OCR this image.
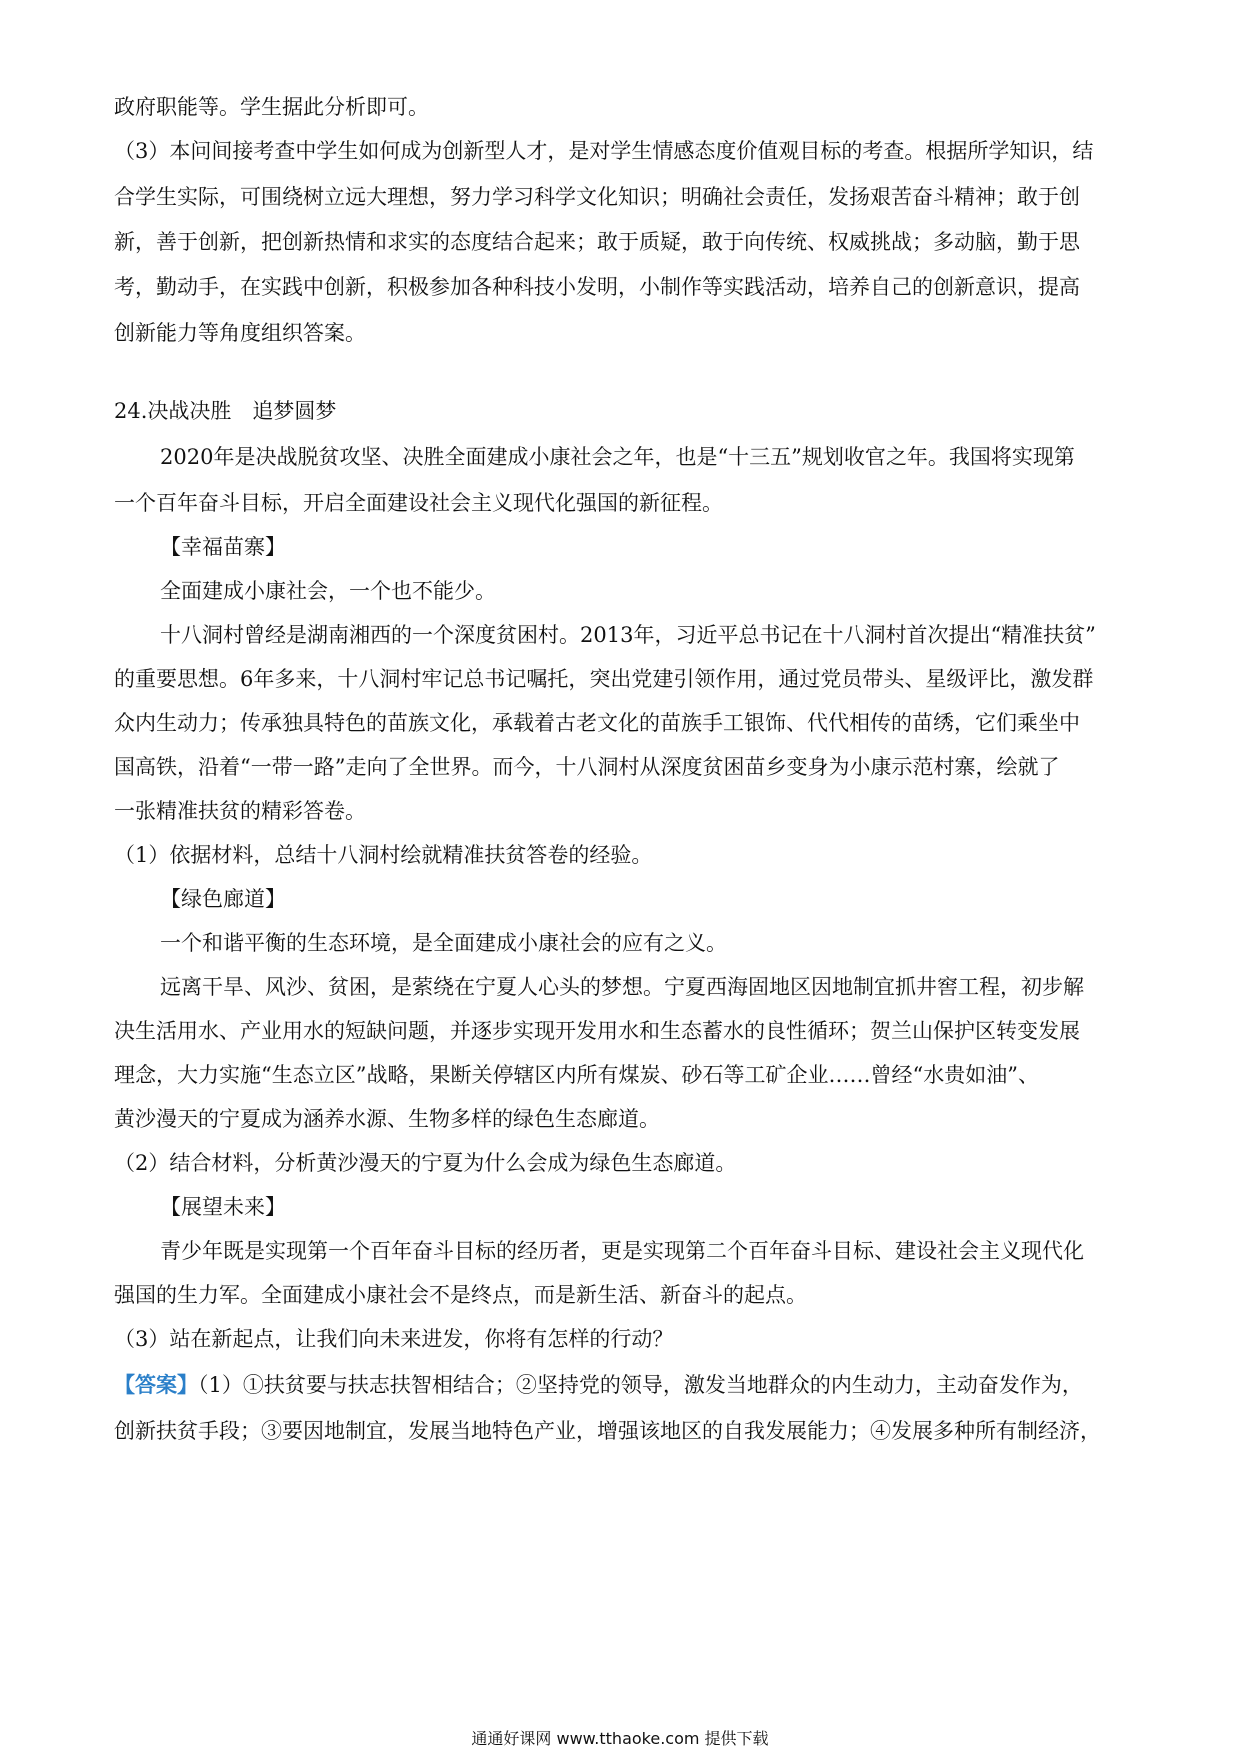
政府职能等。学生据此分析即可。

（3）本问间接考查中学生如何成为创新型人才，是对学生情感态度价值观目标的考查。根据所学知识，结

合学生实际，可围绕树立远大理想，努力学习科学文化知识；明确社会责任，发扬艰苦奋斗精神；敢于创

新，善于创新，把创新热情和求实的态度结合起来；敢于质疑，敢于向传统、权威挑战；多动脑，勤于思

考，勤动手，在实践中创新，积极参加各种科技小发明，小制作等实践活动，培养自己的创新意识，提高

创新能力等角度组织答案。

24.决战决胜　追梦圆梦

2020年是决战脱贫攻坚、决胜全面建成小康社会之年，也是“十三五”规划收官之年。我国将实现第

一个百年奋斗目标，开启全面建设社会主义现代化强国的新征程。

【幸福苗寨】

全面建成小康社会，一个也不能少。

十八洞村曾经是湖南湘西的一个深度贫困村。2013年，习近平总书记在十八洞村首次提出“精准扶贫”

的重要思想。6年多来，十八洞村牢记总书记嘱托，突出党建引领作用，通过党员带头、星级评比，激发群

众内生动力；传承独具特色的苗族文化，承载着古老文化的苗族手工银饰、代代相传的苗绣，它们乘坐中

国高铁，沿着“一带一路”走向了全世界。而今，十八洞村从深度贫困苗乡变身为小康示范村寨，绘就了

一张精准扶贫的精彩答卷。

（1）依据材料，总结十八洞村绘就精准扶贫答卷的经验。

【绿色廊道】

一个和谐平衡的生态环境，是全面建成小康社会的应有之义。

远离干旱、风沙、贫困，是萦绕在宁夏人心头的梦想。宁夏西海固地区因地制宜抓井窖工程，初步解

决生活用水、产业用水的短缺问题，并逐步实现开发用水和生态蓄水的良性循环；贺兰山保护区转变发展

理念，大力实施“生态立区”战略，果断关停辖区内所有煤炭、砂石等工矿企业……曾经“水贵如油”、

黄沙漫天的宁夏成为涵养水源、生物多样的绿色生态廊道。

（2）结合材料，分析黄沙漫天的宁夏为什么会成为绿色生态廊道。

【展望未来】

青少年既是实现第一个百年奋斗目标的经历者，更是实现第二个百年奋斗目标、建设社会主义现代化

强国的生力军。全面建成小康社会不是终点，而是新生活、新奋斗的起点。

（3）站在新起点，让我们向未来进发，你将有怎样的行动？

【答案】（1）①扶贫要与扶志扶智相结合；②坚持党的领导，激发当地群众的内生动力，主动奋发作为，

创新扶贫手段；③要因地制宜，发展当地特色产业，增强该地区的自我发展能力；④发展多种所有制经济，

通通好课网 www.tthaoke.com 提供下载
